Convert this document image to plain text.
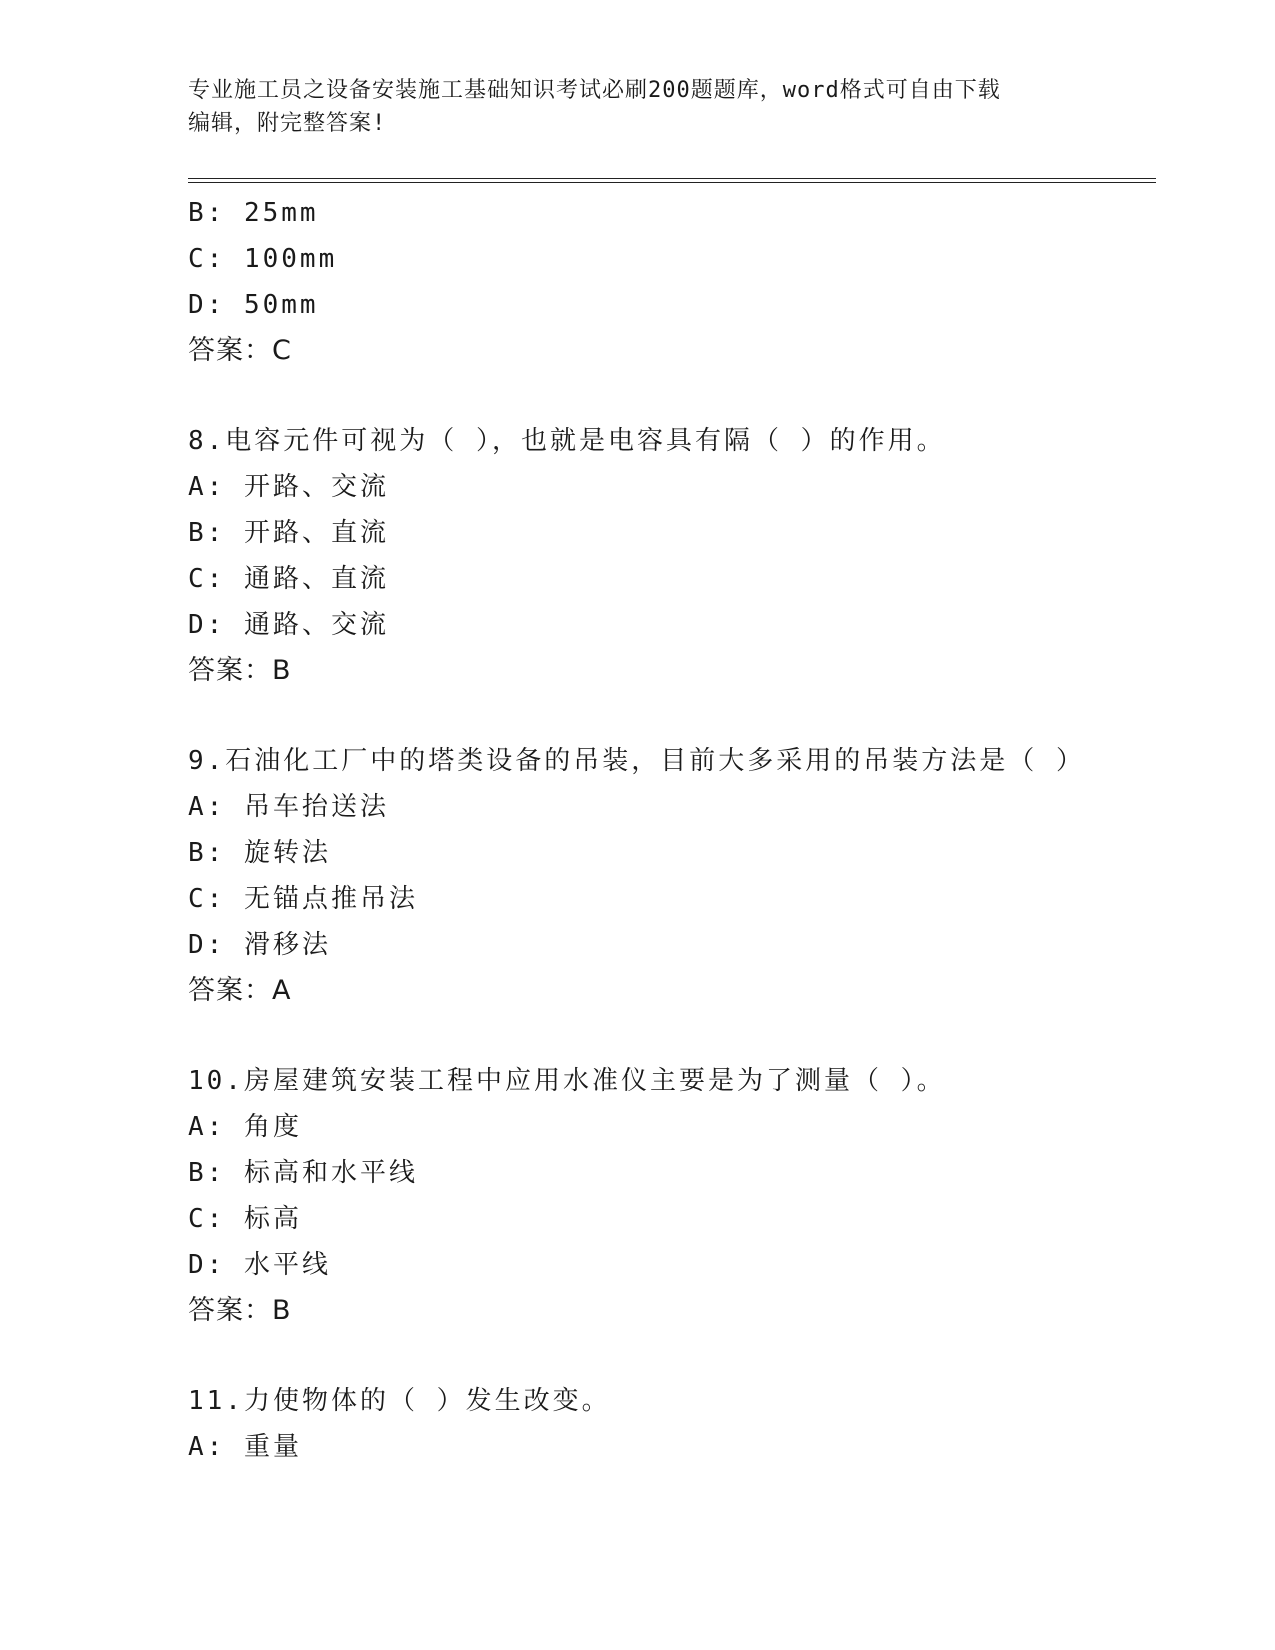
专业施工员之设备安装施工基础知识考试必刷200题题库，word格式可自由下载
编辑，附完整答案!
B: 25mm
C: 100mm
D: 50mm
答案：C
8.电容元件可视为（ ），也就是电容具有隔（ ）的作用。
A: 开路、交流
B: 开路、直流
C: 通路、直流
D: 通路、交流
答案：B
9.石油化工厂中的塔类设备的吊装，目前大多采用的吊装方法是（ ）
A: 吊车抬送法
B: 旋转法
C: 无锚点推吊法
D: 滑移法
答案：A
10.房屋建筑安装工程中应用水准仪主要是为了测量（ ）。
A: 角度
B: 标高和水平线
C: 标高
D: 水平线
答案：B
11.力使物体的（ ）发生改变。
A: 重量
